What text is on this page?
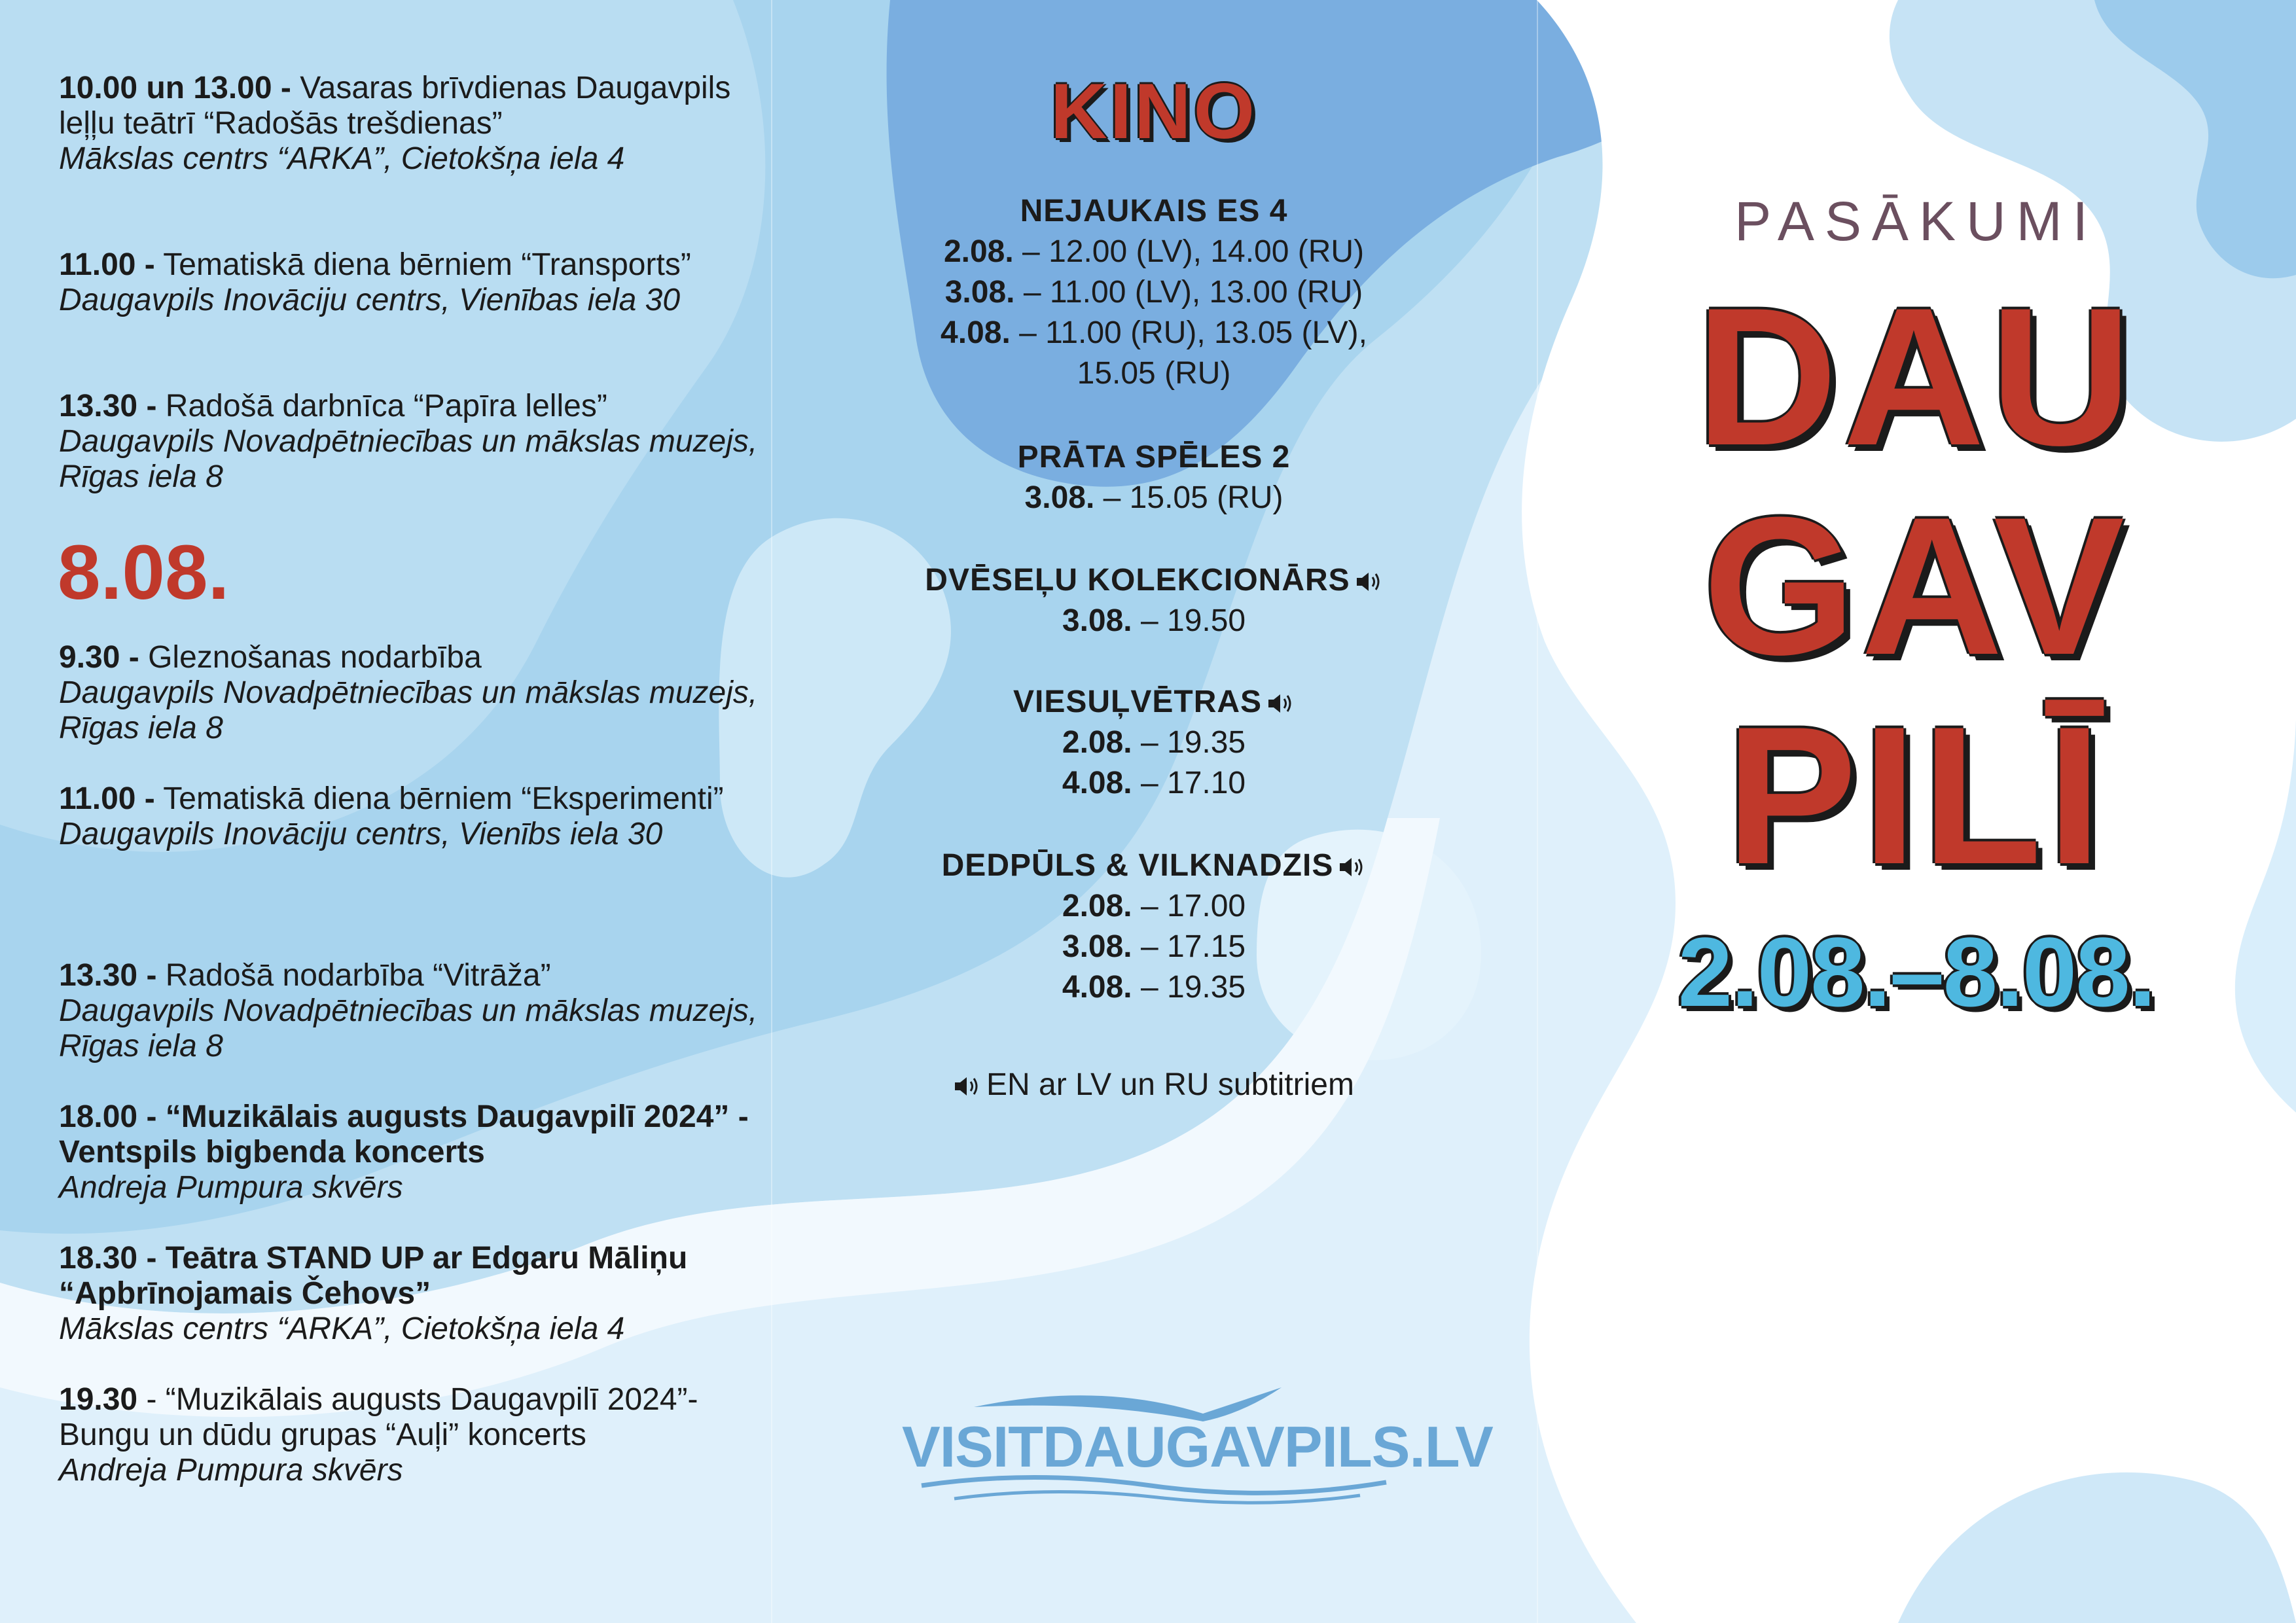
10.00 un 13.00 - Vasaras brīvdienas Daugavpils leļļu teātrī “Radošās trešdienas”
Mākslas centrs “ARKA”, Cietokšņa iela 4
11.00 - Tematiskā diena bērniem “Transports”
Daugavpils Inovāciju centrs, Vienības iela 30
13.30 - Radošā darbnīca “Papīra lelles”
Daugavpils Novadpētniecības un mākslas muzejs, Rīgas iela 8
8.08.
9.30 - Gleznošanas nodarbība
Daugavpils Novadpētniecības un mākslas muzejs, Rīgas iela 8
11.00 - Tematiskā diena bērniem “Eksperimenti”
Daugavpils Inovāciju centrs, Vienībs iela 30
13.30 - Radošā nodarbība “Vitrāža”
Daugavpils Novadpētniecības un mākslas muzejs, Rīgas iela 8
18.00 - “Muzikālais augusts Daugavpilī 2024” - Ventspils bigbenda koncerts
Andreja Pumpura skvērs
18.30 - Teātra STAND UP ar Edgaru Māliņu “Apbrīnojamais Čehovs”
Mākslas centrs “ARKA”, Cietokšņa iela 4
19.30 - “Muzikālais augusts Daugavpilī 2024”- Bungu un dūdu grupas “Auļi” koncerts
Andreja Pumpura skvērs
KINO
NEJAUKAIS ES 4
2.08. – 12.00 (LV), 14.00 (RU)
3.08. – 11.00 (LV), 13.00 (RU)
4.08. – 11.00 (RU), 13.05 (LV),
15.05 (RU)
PRĀTA SPĒLES 2
3.08. – 15.05 (RU)
DVĒSEĻU KOLEKCIONĀRS
3.08. – 19.50
VIESUĻVĒTRAS
2.08. – 19.35
4.08. – 17.10
DEDPŪLS & VILKNADZIS
2.08. – 17.00
3.08. – 17.15
4.08. – 19.35
EN ar LV un RU subtitriem
VISITDAUGAVPILS.LV
PASĀKUMI
DAU
GAV
PILĪ
2.08.–8.08.
